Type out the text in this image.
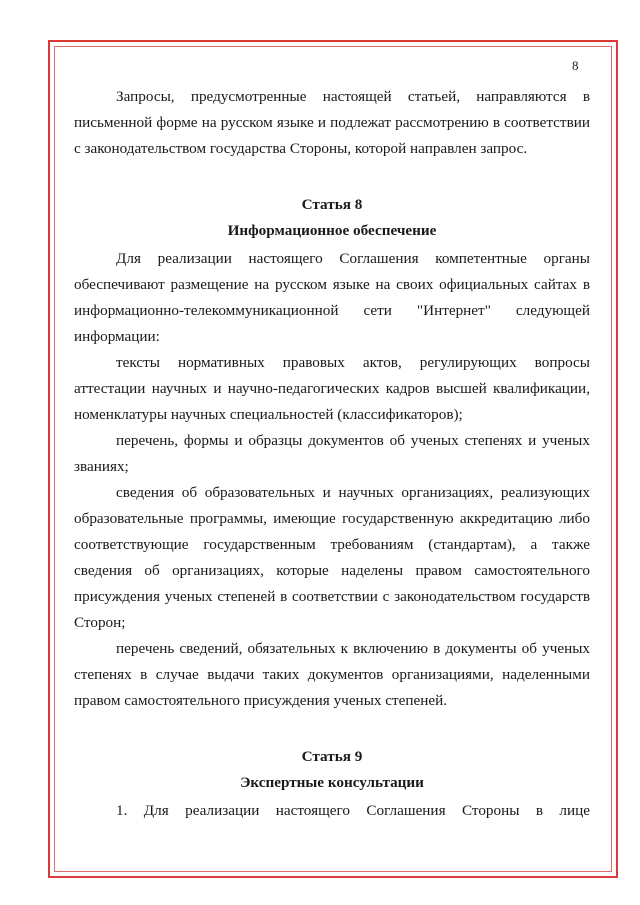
8

Запросы, предусмотренные настоящей статьей, направляются в письменной форме на русском языке и подлежат рассмотрению в соответствии с законодательством государства Стороны, которой направлен запрос.

Статья 8

Информационное обеспечение

Для реализации настоящего Соглашения компетентные органы обеспечивают размещение на русском языке на своих официальных сайтах в информационно-телекоммуникационной сети "Интернет" следующей информации:

тексты нормативных правовых актов, регулирующих вопросы аттестации научных и научно-педагогических кадров высшей квалификации, номенклатуры научных специальностей (классификаторов);

перечень, формы и образцы документов об ученых степенях и ученых званиях;

сведения об образовательных и научных организациях, реализующих образовательные программы, имеющие государственную аккредитацию либо соответствующие государственным требованиям (стандартам), а также сведения об организациях, которые наделены правом самостоятельного присуждения ученых степеней в соответствии с законодательством государств Сторон;

перечень сведений, обязательных к включению в документы об ученых степенях в случае выдачи таких документов организациями, наделенными правом самостоятельного присуждения ученых степеней.

Статья 9

Экспертные консультации

1. Для реализации настоящего Соглашения Стороны в лице
